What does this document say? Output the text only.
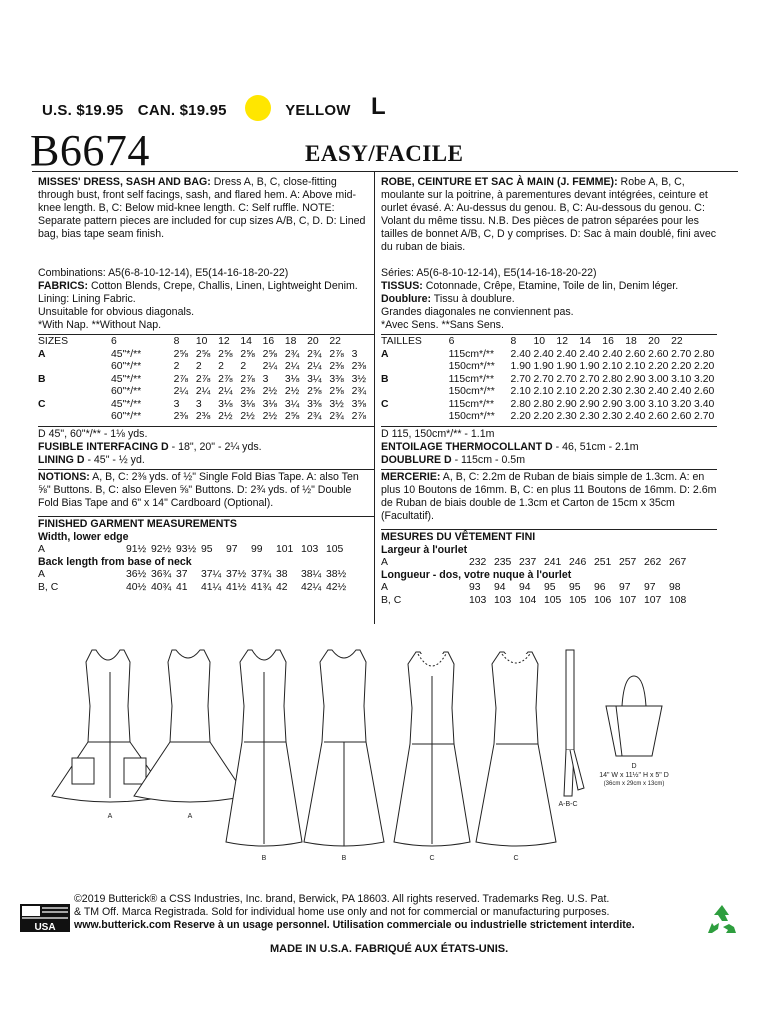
U.S. $19.95 CAN. $19.95	YELLOW L
B6674	EASY/FACILE

MISSES' DRESS, SASH AND BAG: Dress A, B, C, close-fitting through bust, front self facings, sash, and flared hem. A: Above mid-knee length. B, C: Below mid-knee length. C: Self ruffle. NOTE: Separate pattern pieces are included for cup sizes A/B, C, D. D: Lined bag, bias tape seam finish.

Combinations: A5(6-8-10-12-14), E5(14-16-18-20-22)

FABRICS: Cotton Blends, Crepe, Challis, Linen, Lightweight Denim. Lining: Lining Fabric.

Unsuitable for obvious diagonals.

*With Nap. **Without Nap.

SIZES	6	8	10	12	14	16	18	20	22	
A	45"*/**	2⅝	2⅝	2⅝	2⅝	2⅝	2¾	2¾	2⅞	3
	60"*/**	2	2	2	2	2¼	2¼	2¼	2⅜	2⅜
B	45"*/**	2⅞	2⅞	2⅞	2⅞	3	3⅛	3¼	3⅜	3½
	60"*/**	2¼	2¼	2¼	2⅜	2½	2½	2⅝	2⅝	2¾
C	45"*/**	3	3	3⅛	3⅛	3⅛	3¼	3⅜	3½	3⅝
	60"*/**	2⅜	2⅜	2½	2½	2½	2⅝	2¾	2¾	2⅞

D 45", 60"*/** - 1⅛ yds.

FUSIBLE INTERFACING D - 18", 20" - 2¼ yds.

LINING D - 45" - ½ yd.

NOTIONS: A, B, C: 2⅜ yds. of ½" Single Fold Bias Tape. A: also Ten ⅝" Buttons. B, C: also Eleven ⅝" Buttons. D: 2¾ yds. of ½" Double Fold Bias Tape and 6" x 14" Cardboard (Optional).

FINISHED GARMENT MEASUREMENTS

Width, lower edge

A	91½	92½	93½	95	97	99	101	103	105

Back length from base of neck

A	36½	36¾	37	37¼	37½	37¾	38	38¼	38½
B, C	40½	40¾	41	41¼	41½	41¾	42	42¼	42½

ROBE, CEINTURE ET SAC À MAIN (J. FEMME): Robe A, B, C, moulante sur la poitrine, à parementures devant intégrées, ceinture et ourlet évasé. A: Au-dessus du genou. B, C: Au-dessous du genou. C: Volant du même tissu. N.B. Des pièces de patron séparées pour les tailles de bonnet A/B, C, D y comprises. D: Sac à main doublé, fini avec du ruban de biais.

Séries: A5(6-8-10-12-14), E5(14-16-18-20-22)

TISSUS: Cotonnade, Crêpe, Etamine, Toile de lin, Denim léger.

Doublure: Tissu à doublure.

Grandes diagonales ne conviennent pas.

*Avec Sens. **Sans Sens.

TAILLES	6	8	10	12	14	16	18	20	22	
A	115cm*/**	2.40	2.40	2.40	2.40	2.40	2.60	2.60	2.70	2.80
	150cm*/**	1.90	1.90	1.90	1.90	2.10	2.10	2.20	2.20	2.20
B	115cm*/**	2.70	2.70	2.70	2.70	2.80	2.90	3.00	3.10	3.20
	150cm*/**	2.10	2.10	2.10	2.20	2.30	2.30	2.40	2.40	2.60
C	115cm*/**	2.80	2.80	2.90	2.90	2.90	3.00	3.10	3.20	3.40
	150cm*/**	2.20	2.20	2.30	2.30	2.30	2.40	2.60	2.60	2.70

D 115, 150cm*/** - 1.1m

ENTOILAGE THERMOCOLLANT D - 46, 51cm - 2.1m

DOUBLURE D - 115cm - 0.5m

MERCERIE: A, B, C: 2.2m de Ruban de biais simple de 1.3cm. A: en plus 10 Boutons de 16mm. B, C: en plus 11 Boutons de 16mm. D: 2.6m de Ruban de biais double de 1.3cm et Carton de 15cm x 35cm (Facultatif).

MESURES DU VÊTEMENT FINI

Largeur à l'ourlet

A	232	235	237	241	246	251	257	262	267

Longueur - dos, votre nuque à l'ourlet

A	93	94	94	95	95	96	97	97	98
B, C	103	103	104	105	105	106	107	107	108
A	A
B	B	C	C
A-B-C
D
14" W x 11½" H x 5" D
(36cm x 29cm x 13cm)
USA

©2019 Butterick® a CSS Industries, Inc. brand, Berwick, PA 18603. All rights reserved. Trademarks Reg. U.S. Pat.

& TM Off. Marca Registrada. Sold for individual home use only and not for commercial or manufacturing purposes.

www.butterick.com Reserve à un usage personnel. Utilisation commerciale ou industrielle strictement interdite.

MADE IN U.S.A. FABRIQUÉ AUX ÉTATS-UNIS.
